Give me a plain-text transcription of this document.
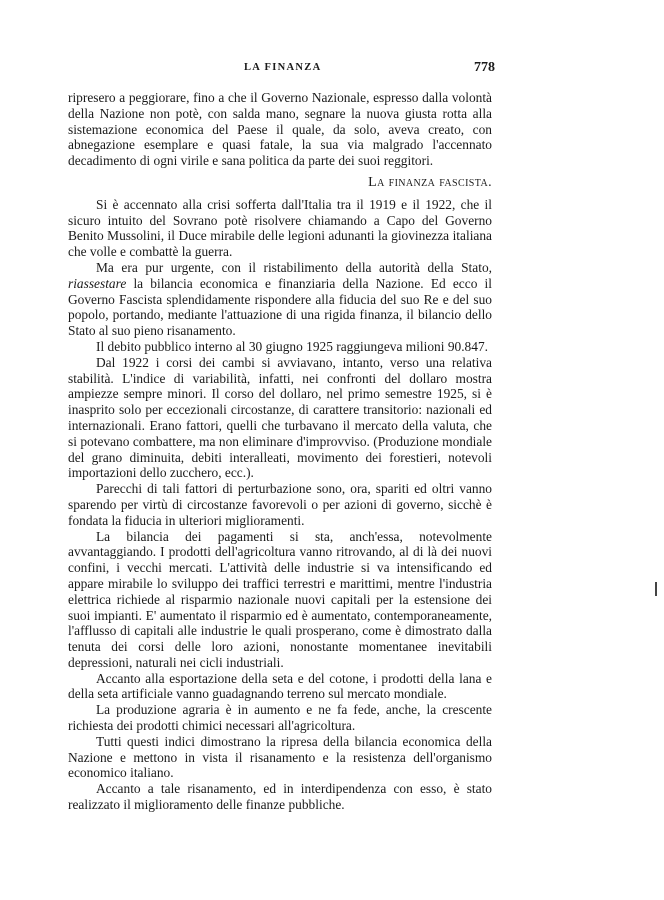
LA FINANZA	778

ripresero a peggiorare, fino a che il Governo Nazionale, espresso dalla volontà della Nazione non potè, con salda mano, segnare la nuova giusta rotta alla sistemazione economica del Paese il quale, da solo, aveva creato, con abnegazione esemplare e quasi fatale, la sua via malgrado l'accennato decadimento di ogni virile e sana politica da parte dei suoi reggitori.

La finanza fascista.

Si è accennato alla crisi sofferta dall'Italia tra il 1919 e il 1922, che il sicuro intuito del Sovrano potè risolvere chiamando a Capo del Governo Benito Mussolini, il Duce mirabile delle legioni adunanti la giovinezza italiana che volle e combattè la guerra.

Ma era pur urgente, con il ristabilimento della autorità della Stato, riassestare la bilancia economica e finanziaria della Nazione. Ed ecco il Governo Fascista splendidamente rispondere alla fiducia del suo Re e del suo popolo, portando, mediante l'attuazione di una rigida finanza, il bilancio dello Stato al suo pieno risanamento.

Il debito pubblico interno al 30 giugno 1925 raggiungeva milioni 90.847.

Dal 1922 i corsi dei cambi si avviavano, intanto, verso una relativa stabilità. L'indice di variabilità, infatti, nei confronti del dollaro mostra ampiezze sempre minori. Il corso del dollaro, nel primo semestre 1925, si è inasprito solo per eccezionali circostanze, di carattere transitorio: nazionali ed internazionali. Erano fattori, quelli che turbavano il mercato della valuta, che si potevano combattere, ma non eliminare d'improvviso. (Produzione mondiale del grano diminuita, debiti interalleati, movimento dei forestieri, notevoli importazioni dello zucchero, ecc.).

Parecchi di tali fattori di perturbazione sono, ora, spariti ed oltri vanno sparendo per virtù di circostanze favorevoli o per azioni di governo, sicchè è fondata la fiducia in ulteriori miglioramenti.

La bilancia dei pagamenti si sta, anch'essa, notevolmente avvantaggiando. I prodotti dell'agricoltura vanno ritrovando, al di là dei nuovi confini, i vecchi mercati. L'attività delle industrie si va intensificando ed appare mirabile lo sviluppo dei traffici terrestri e marittimi, mentre l'industria elettrica richiede al risparmio nazionale nuovi capitali per la estensione dei suoi impianti. E' aumentato il risparmio ed è aumentato, contemporaneamente, l'afflusso di capitali alle industrie le quali prosperano, come è dimostrato dalla tenuta dei corsi delle loro azioni, nonostante momentanee inevitabili depressioni, naturali nei cicli industriali.

Accanto alla esportazione della seta e del cotone, i prodotti della lana e della seta artificiale vanno guadagnando terreno sul mercato mondiale.

La produzione agraria è in aumento e ne fa fede, anche, la crescente richiesta dei prodotti chimici necessari all'agricoltura.

Tutti questi indici dimostrano la ripresa della bilancia economica della Nazione e mettono in vista il risanamento e la resistenza dell'organismo economico italiano.

Accanto a tale risanamento, ed in interdipendenza con esso, è stato realizzato il miglioramento delle finanze pubbliche.
